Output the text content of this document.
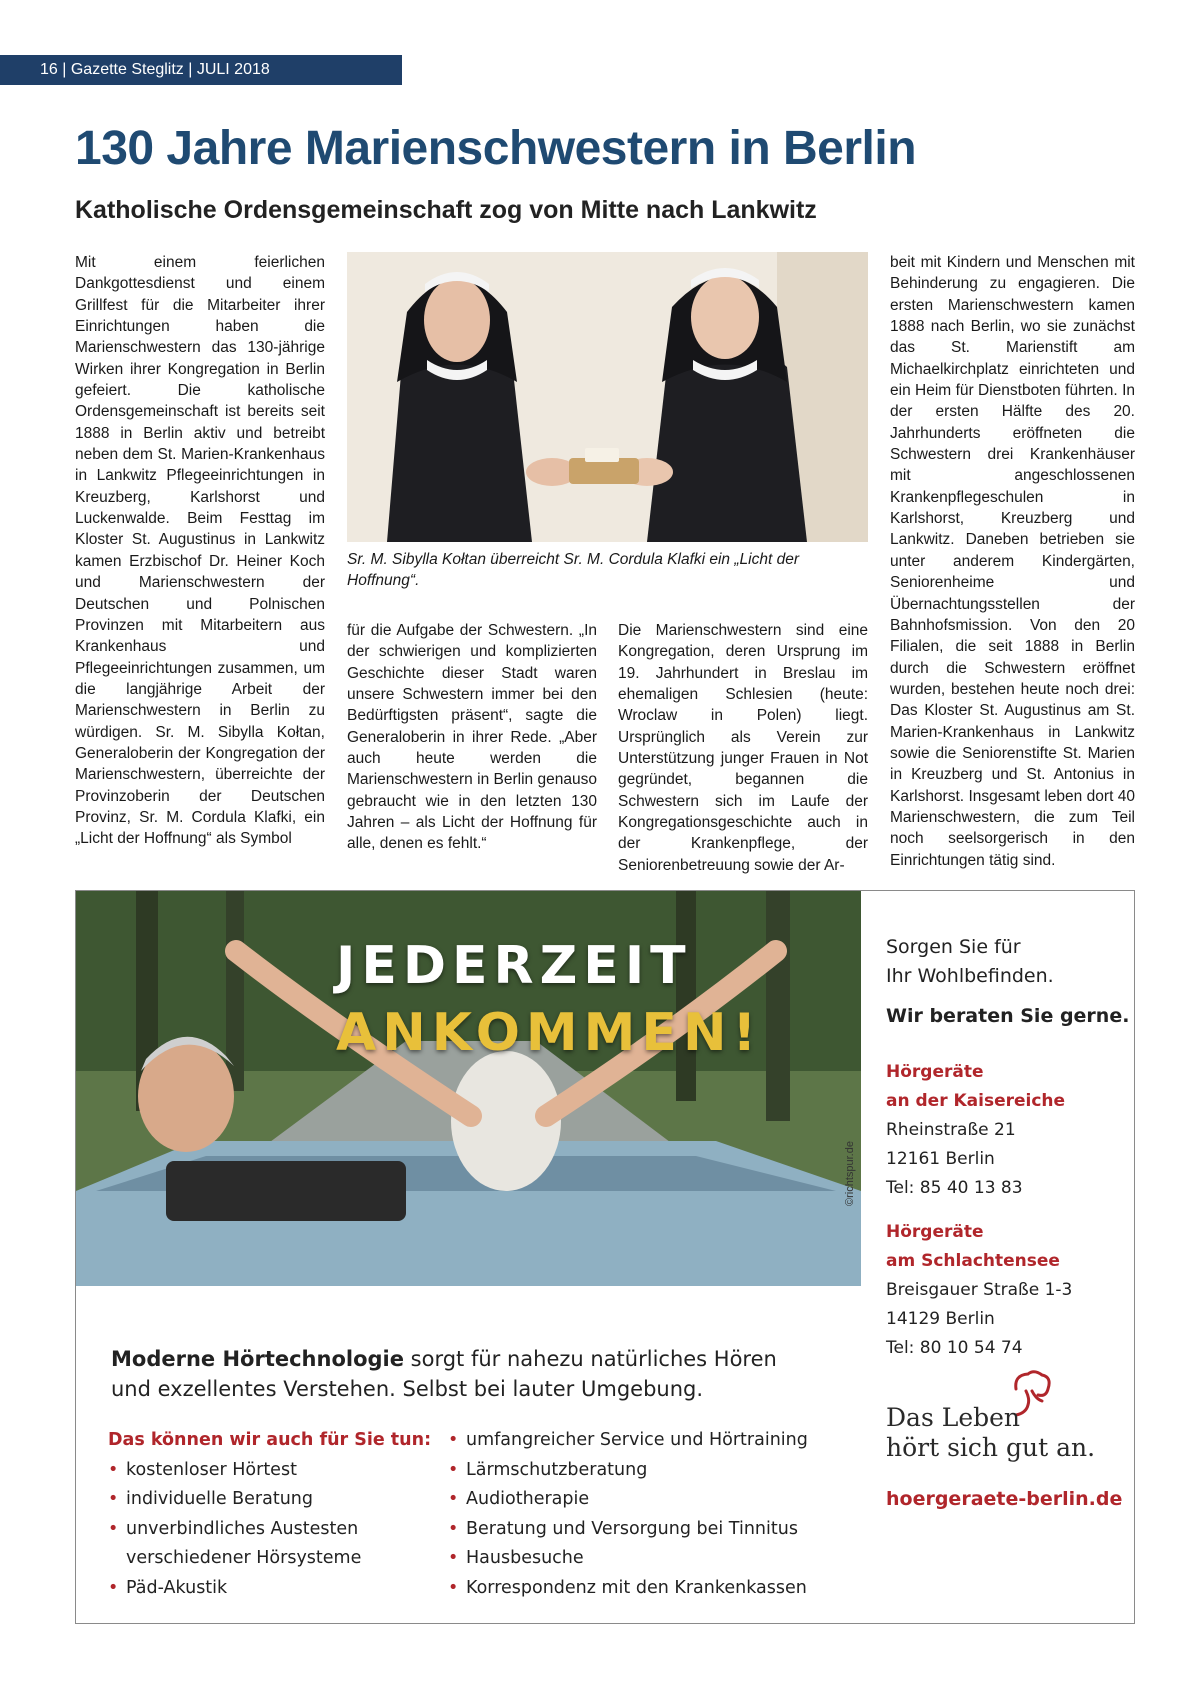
16 | Gazette Steglitz | JULI 2018
130 Jahre Marienschwestern in Berlin
Katholische Ordensgemeinschaft zog von Mitte nach Lankwitz

Mit einem feierlichen Dankgottesdienst und einem Grillfest für die Mitarbeiter ihrer Einrichtungen haben die Marienschwestern das 130-jährige Wirken ihrer Kongregation in Berlin gefeiert. Die katholische Ordensgemeinschaft ist bereits seit 1888 in Berlin aktiv und betreibt neben dem St. Marien-Krankenhaus in Lankwitz Pflegeeinrichtungen in Kreuzberg, Karlshorst und Luckenwalde. Beim Festtag im Kloster St. Augustinus in Lankwitz kamen Erzbischof Dr. Heiner Koch und Marienschwestern der Deutschen und Polnischen Provinzen mit Mitarbeitern aus Krankenhaus und Pflegeeinrichtungen zusammen, um die langjährige Arbeit der Marienschwestern in Berlin zu würdigen. Sr. M. Sibylla Kołtan, Generaloberin der Kongregation der Marienschwestern, überreichte der Provinzoberin der Deutschen Provinz, Sr. M. Cordula Klafki, ein „Licht der Hoffnung“ als Symbol

Sr. M. Sibylla Kołtan überreicht Sr. M. Cordula Klafki ein „Licht der Hoffnung“.

für die Aufgabe der Schwestern. „In der schwierigen und komplizierten Geschichte dieser Stadt waren unsere Schwestern immer bei den Bedürftigsten präsent“, sagte die Generaloberin in ihrer Rede. „Aber auch heute werden die Marienschwestern in Berlin genauso gebraucht wie in den letzten 130 Jahren – als Licht der Hoffnung für alle, denen es fehlt.“

Die Marienschwestern sind eine Kongregation, deren Ursprung im 19. Jahrhundert in Breslau im ehemaligen Schlesien (heute: Wroclaw in Polen) liegt. Ursprünglich als Verein zur Unterstützung junger Frauen in Not gegründet, begannen die Schwestern sich im Laufe der Kongregationsgeschichte auch in der Krankenpflege, der Seniorenbetreuung sowie der Ar-

beit mit Kindern und Menschen mit Behinderung zu engagieren. Die ersten Marienschwestern kamen 1888 nach Berlin, wo sie zunächst das St. Marienstift am Michaelkirchplatz einrichteten und ein Heim für Dienstboten führten. In der ersten Hälfte des 20. Jahrhunderts eröffneten die Schwestern drei Krankenhäuser mit angeschlossenen Krankenpflegeschulen in Karlshorst, Kreuzberg und Lankwitz. Daneben betrieben sie unter anderem Kindergärten, Seniorenheime und Übernachtungsstellen der Bahnhofsmission. Von den 20 Filialen, die seit 1888 in Berlin durch die Schwestern eröffnet wurden, bestehen heute noch drei: Das Kloster St. Augustinus am St. Marien-Krankenhaus in Lankwitz sowie die Seniorenstifte St. Marien in Kreuzberg und St. Antonius in Karlshorst. Insgesamt leben dort 40 Marienschwestern, die zum Teil noch seelsorgerisch in den Einrichtungen tätig sind.

JEDERZEIT
ANKOMMEN!
©richtspur.de

Moderne Hörtechnologie sorgt für nahezu natürliches Hören
und exzellentes Verstehen. Selbst bei lauter Umgebung.

Sorgen Sie für
Ihr Wohlbefinden.

Wir beraten Sie gerne.

Hörgeräte
an der Kaisereiche
Rheinstraße 21
12161 Berlin
Tel: 85 40 13 83

Hörgeräte
am Schlachtensee
Breisgauer Straße 1-3
14129 Berlin
Tel: 80 10 54 74

Das können wir auch für Sie tun:

• kostenloser Hörtest
• individuelle Beratung
• unverbindliches Austesten
verschiedener Hörsysteme
• Päd-Akustik
• umfangreicher Service und Hörtraining
• Lärmschutzberatung
• Audiotherapie
• Beratung und Versorgung bei Tinnitus
• Hausbesuche
• Korrespondenz mit den Krankenkassen
Das Leben
hört sich gut an.
hoergeraete-berlin.de
